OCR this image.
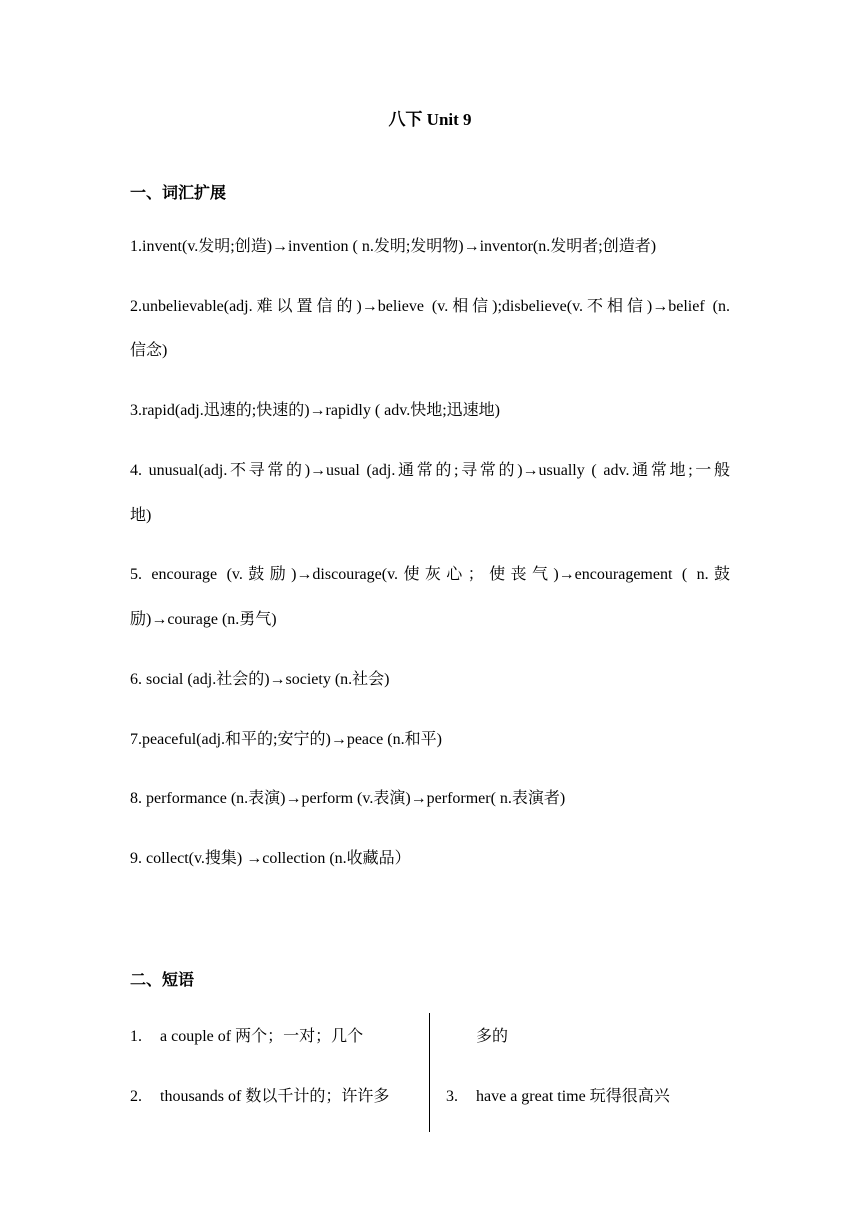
八下 Unit 9
一、词汇扩展
1.invent(v.发明;创造)→invention ( n.发明;发明物)→inventor(n.发明者;创造者)
2.unbelievable(adj.难以置信的)→believe (v.相信);disbelieve(v.不相信)→belief (n.
信念)
3.rapid(adj.迅速的;快速的)→rapidly ( adv.快地;迅速地)
4. unusual(adj.不寻常的)→usual (adj.通常的;寻常的)→usually ( adv.通常地;一般
地)
5. encourage (v.鼓励)→discourage(v.使灰心；使丧气)→encouragement ( n.鼓
励)→courage (n.勇气)
6. social (adj.社会的)→society (n.社会)
7.peaceful(adj.和平的;安宁的)→peace (n.和平)
8. performance (n.表演)→perform (v.表演)→performer( n.表演者)
9. collect(v.搜集) →collection (n.收藏品）
二、短语
1. a couple of 两个；一对；几个
2. thousands of 数以千计的；许许多
多的
3. have a great time 玩得很高兴
